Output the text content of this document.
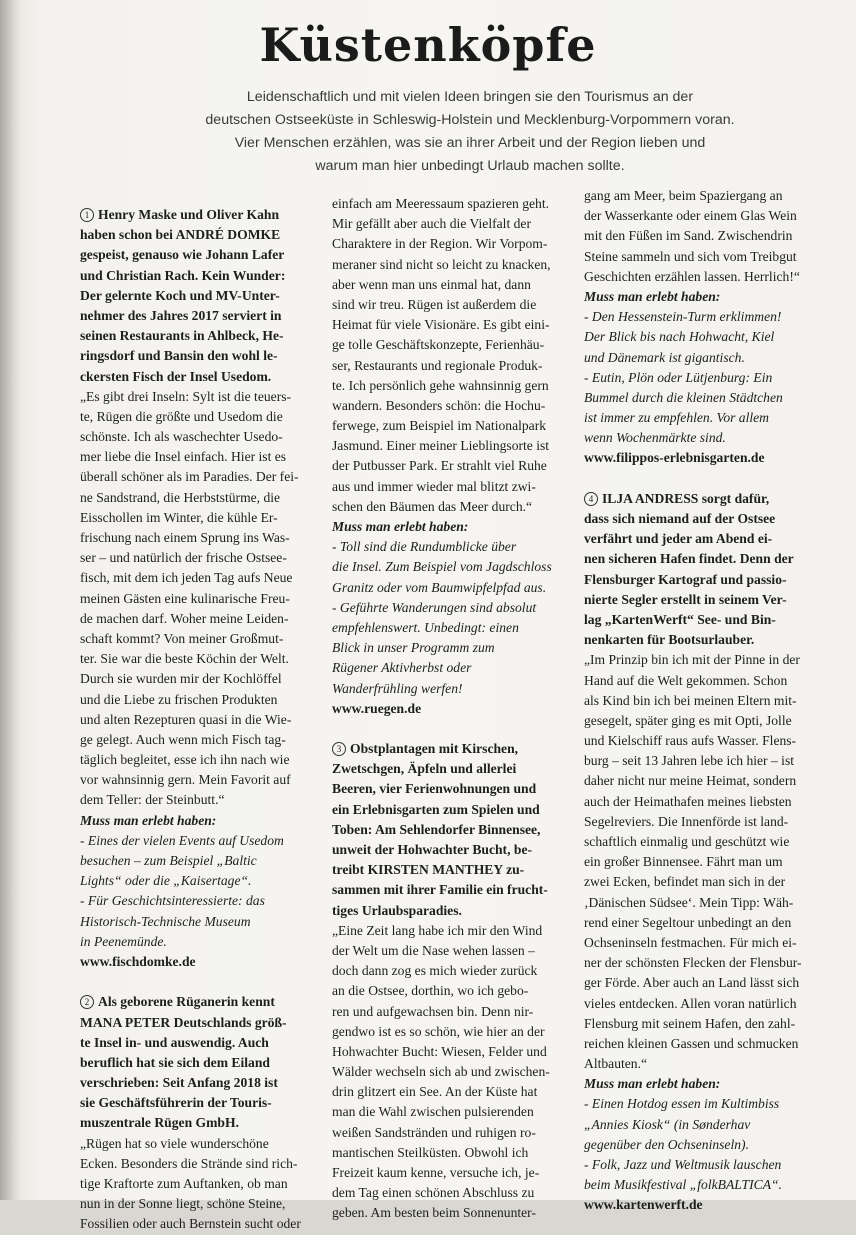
Küstenköpfe
Leidenschaftlich und mit vielen Ideen bringen sie den Tourismus an der
deutschen Ostseeküste in Schleswig-Holstein und Mecklenburg-Vorpommern voran.
Vier Menschen erzählen, was sie an ihrer Arbeit und der Region lieben und
warum man hier unbedingt Urlaub machen sollte.
1 Henry Maske und Oliver Kahn
haben schon bei ANDRÉ DOMKE
gespeist, genauso wie Johann Lafer
und Christian Rach. Kein Wunder:
Der gelernte Koch und MV-Unter-
nehmer des Jahres 2017 serviert in
seinen Restaurants in Ahlbeck, He-
ringsdorf und Bansin den wohl le-
ckersten Fisch der Insel Usedom.
„Es gibt drei Inseln: Sylt ist die teuers-
te, Rügen die größte und Usedom die
schönste. Ich als waschechter Usedo-
mer liebe die Insel einfach. Hier ist es
überall schöner als im Paradies. Der fei-
ne Sandstrand, die Herbststürme, die
Eisschollen im Winter, die kühle Er-
frischung nach einem Sprung ins Was-
ser – und natürlich der frische Ostsee-
fisch, mit dem ich jeden Tag aufs Neue
meinen Gästen eine kulinarische Freu-
de machen darf. Woher meine Leiden-
schaft kommt? Von meiner Großmut-
ter. Sie war die beste Köchin der Welt.
Durch sie wurden mir der Kochlöffel
und die Liebe zu frischen Produkten
und alten Rezepturen quasi in die Wie-
ge gelegt. Auch wenn mich Fisch tag-
täglich begleitet, esse ich ihn nach wie
vor wahnsinnig gern. Mein Favorit auf
dem Teller: der Steinbutt.“
Muss man erlebt haben:
- Eines der vielen Events auf Usedom
besuchen – zum Beispiel „Baltic
Lights“ oder die „Kaisertage“.
- Für Geschichtsinteressierte: das
Historisch-Technische Museum
in Peenemünde.
www.fischdomke.de
2 Als geborene Rüganerin kennt
MANA PETER Deutschlands größ-
te Insel in- und auswendig. Auch
beruflich hat sie sich dem Eiland
verschrieben: Seit Anfang 2018 ist
sie Geschäftsführerin der Touris-
muszentrale Rügen GmbH.
„Rügen hat so viele wunderschöne
Ecken. Besonders die Strände sind rich-
tige Kraftorte zum Auftanken, ob man
nun in der Sonne liegt, schöne Steine,
Fossilien oder auch Bernstein sucht oder
einfach am Meeressaum spazieren geht.
Mir gefällt aber auch die Vielfalt der
Charaktere in der Region. Wir Vorpom-
meraner sind nicht so leicht zu knacken,
aber wenn man uns einmal hat, dann
sind wir treu. Rügen ist außerdem die
Heimat für viele Visionäre. Es gibt eini-
ge tolle Geschäftskonzepte, Ferienhäu-
ser, Restaurants und regionale Produk-
te. Ich persönlich gehe wahnsinnig gern
wandern. Besonders schön: die Hochu-
ferwege, zum Beispiel im Nationalpark
Jasmund. Einer meiner Lieblingsorte ist
der Putbusser Park. Er strahlt viel Ruhe
aus und immer wieder mal blitzt zwi-
schen den Bäumen das Meer durch.“
Muss man erlebt haben:
- Toll sind die Rundumblicke über
die Insel. Zum Beispiel vom Jagdschloss
Granitz oder vom Baumwipfelpfad aus.
- Geführte Wanderungen sind absolut
empfehlenswert. Unbedingt: einen
Blick in unser Programm zum
Rügener Aktivherbst oder
Wanderfrühling werfen!
www.ruegen.de
3 Obstplantagen mit Kirschen,
Zwetschgen, Äpfeln und allerlei
Beeren, vier Ferienwohnungen und
ein Erlebnisgarten zum Spielen und
Toben: Am Sehlendorfer Binnensee,
unweit der Hohwachter Bucht, be-
treibt KIRSTEN MANTHEY zu-
sammen mit ihrer Familie ein frucht-
tiges Urlaubsparadies.
„Eine Zeit lang habe ich mir den Wind
der Welt um die Nase wehen lassen –
doch dann zog es mich wieder zurück
an die Ostsee, dorthin, wo ich gebo-
ren und aufgewachsen bin. Denn nir-
gendwo ist es so schön, wie hier an der
Hohwachter Bucht: Wiesen, Felder und
Wälder wechseln sich ab und zwischen-
drin glitzert ein See. An der Küste hat
man die Wahl zwischen pulsierenden
weißen Sandstränden und ruhigen ro-
mantischen Steilküsten. Obwohl ich
Freizeit kaum kenne, versuche ich, je-
dem Tag einen schönen Abschluss zu
geben. Am besten beim Sonnenunter-
gang am Meer, beim Spaziergang an
der Wasserkante oder einem Glas Wein
mit den Füßen im Sand. Zwischendrin
Steine sammeln und sich vom Treibgut
Geschichten erzählen lassen. Herrlich!“
Muss man erlebt haben:
- Den Hessenstein-Turm erklimmen!
Der Blick bis nach Hohwacht, Kiel
und Dänemark ist gigantisch.
- Eutin, Plön oder Lütjenburg: Ein
Bummel durch die kleinen Städtchen
ist immer zu empfehlen. Vor allem
wenn Wochenmärkte sind.
www.filippos-erlebnisgarten.de
4 ILJA ANDRESS sorgt dafür,
dass sich niemand auf der Ostsee
verfährt und jeder am Abend ei-
nen sicheren Hafen findet. Denn der
Flensburger Kartograf und passio-
nierte Segler erstellt in seinem Ver-
lag „KartenWerft“ See- und Bin-
nenkarten für Bootsurlauber.
„Im Prinzip bin ich mit der Pinne in der
Hand auf die Welt gekommen. Schon
als Kind bin ich bei meinen Eltern mit-
gesegelt, später ging es mit Opti, Jolle
und Kielschiff raus aufs Wasser. Flens-
burg – seit 13 Jahren lebe ich hier – ist
daher nicht nur meine Heimat, sondern
auch der Heimathafen meines liebsten
Segelreviers. Die Innenförde ist land-
schaftlich einmalig und geschützt wie
ein großer Binnensee. Fährt man um
zwei Ecken, befindet man sich in der
‚Dänischen Südsee‘. Mein Tipp: Wäh-
rend einer Segeltour unbedingt an den
Ochseninseln festmachen. Für mich ei-
ner der schönsten Flecken der Flensbur-
ger Förde. Aber auch an Land lässt sich
vieles entdecken. Allen voran natürlich
Flensburg mit seinem Hafen, den zahl-
reichen kleinen Gassen und schmucken
Altbauten.“
Muss man erlebt haben:
- Einen Hotdog essen im Kultimbiss
„Annies Kiosk“ (in Sønderhav
gegenüber den Ochseninseln).
- Folk, Jazz und Weltmusik lauschen
beim Musikfestival „folkBALTICA“.
www.kartenwerft.de
